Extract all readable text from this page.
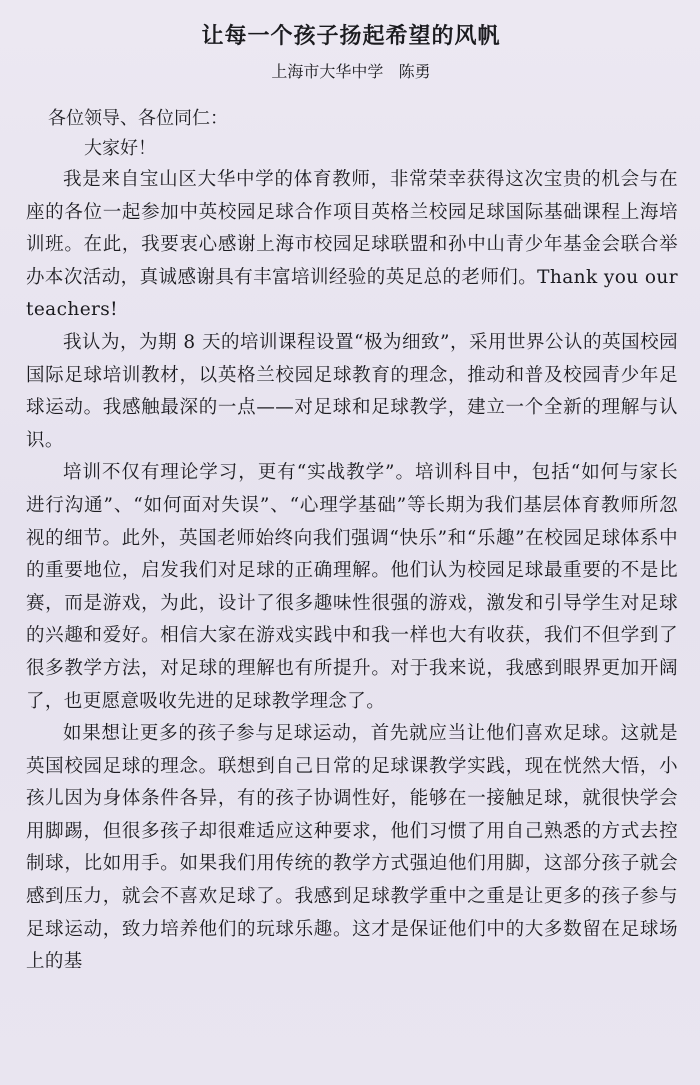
让每一个孩子扬起希望的风帆
上海市大华中学   陈勇
各位领导、各位同仁：
大家好！

我是来自宝山区大华中学的体育教师，非常荣幸获得这次宝贵的机会与在座的各位一起参加中英校园足球合作项目英格兰校园足球国际基础课程上海培训班。在此，我要衷心感谢上海市校园足球联盟和孙中山青少年基金会联合举办本次活动，真诚感谢具有丰富培训经验的英足总的老师们。Thank you our teachers!

我认为，为期 8 天的培训课程设置“极为细致”，采用世界公认的英国校园国际足球培训教材，以英格兰校园足球教育的理念，推动和普及校园青少年足球运动。我感触最深的一点——对足球和足球教学，建立一个全新的理解与认识。

培训不仅有理论学习，更有“实战教学”。培训科目中，包括“如何与家长进行沟通”、“如何面对失误”、“心理学基础”等长期为我们基层体育教师所忽视的细节。此外，英国老师始终向我们强调“快乐”和“乐趣”在校园足球体系中的重要地位，启发我们对足球的正确理解。他们认为校园足球最重要的不是比赛，而是游戏，为此，设计了很多趣味性很强的游戏，激发和引导学生对足球的兴趣和爱好。相信大家在游戏实践中和我一样也大有收获，我们不但学到了很多教学方法，对足球的理解也有所提升。对于我来说，我感到眼界更加开阔了，也更愿意吸收先进的足球教学理念了。

如果想让更多的孩子参与足球运动，首先就应当让他们喜欢足球。这就是英国校园足球的理念。联想到自己日常的足球课教学实践，现在恍然大悟，小孩儿因为身体条件各异，有的孩子协调性好，能够在一接触足球，就很快学会用脚踢，但很多孩子却很难适应这种要求，他们习惯了用自己熟悉的方式去控制球，比如用手。如果我们用传统的教学方式强迫他们用脚，这部分孩子就会感到压力，就会不喜欢足球了。我感到足球教学重中之重是让更多的孩子参与足球运动，致力培养他们的玩球乐趣。这才是保证他们中的大多数留在足球场上的基
